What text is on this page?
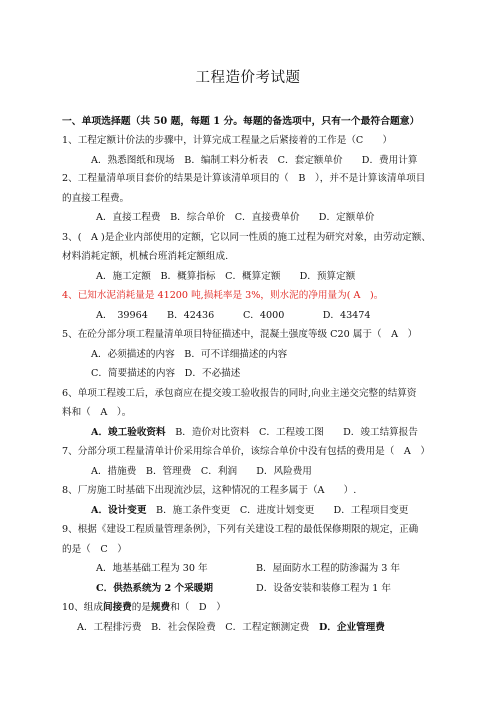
工程造价考试题
一、单项选择题（共 50 题，每题 1 分。每题的备选项中，只有一个最符合题意）
1、工程定额计价法的步骤中，计算完成工程量之后紧接着的工作是（C　　）
A．熟悉图纸和现场　B．编制工料分析表　C．套定额单价　　D．费用计算
2、工程量清单项目套价的结果是计算该清单项目的（　B　），并不是计算该清单项目
的直接工程费。
A．直接工程费　B．综合单价　C．直接费单价　　D．定额单价
3、(　A )是企业内部使用的定额，它以同一性质的施工过程为研究对象，由劳动定额、
材料消耗定额，机械台班消耗定额组成.
A．施工定额　B．概算指标　C．概算定额　　D．预算定额
4、已知水泥消耗量是 41200 吨,损耗率是 3%，则水泥的净用量为( A　)。
A．　39964　　B．42436　　　C．4000　　　　D．43474
5、在砼分部分项工程量清单项目特征描述中，混凝土强度等级 C20 属于（　A　）
A．必须描述的内容　B．可不详细描述的内容
C．简要描述的内容　D．不必描述
6、单项工程竣工后，承包商应在提交竣工验收报告的同时,向业主递交完整的结算资
料和（　A　）。
A．竣工验收资料　B．造价对比资料　C．工程竣工图　　D．竣工结算报告
7、分部分项工程量清单计价采用综合单价，该综合单价中没有包括的费用是（　A　）
A．措施费　B．管理费　C．利润　　D．风险费用
8、厂房施工时基础下出现流沙层，这种情况的工程多属于（A　　）.
A．设计变更　B．施工条件变更　C．进度计划变更　　D．工程项目变更
9、根据《建设工程质量管理条例》，下列有关建设工程的最低保修期限的规定，正确
的是（　C　）
A．地基基础工程为 30 年	B．屋面防水工程的防渗漏为 3 年
C．供热系统为 2 个采暖期	D．设备安装和装修工程为 1 年
10、组成间接费的是规费和（　D　）
A．工程排污费　B．社会保险费　C．工程定额测定费　D．企业管理费
